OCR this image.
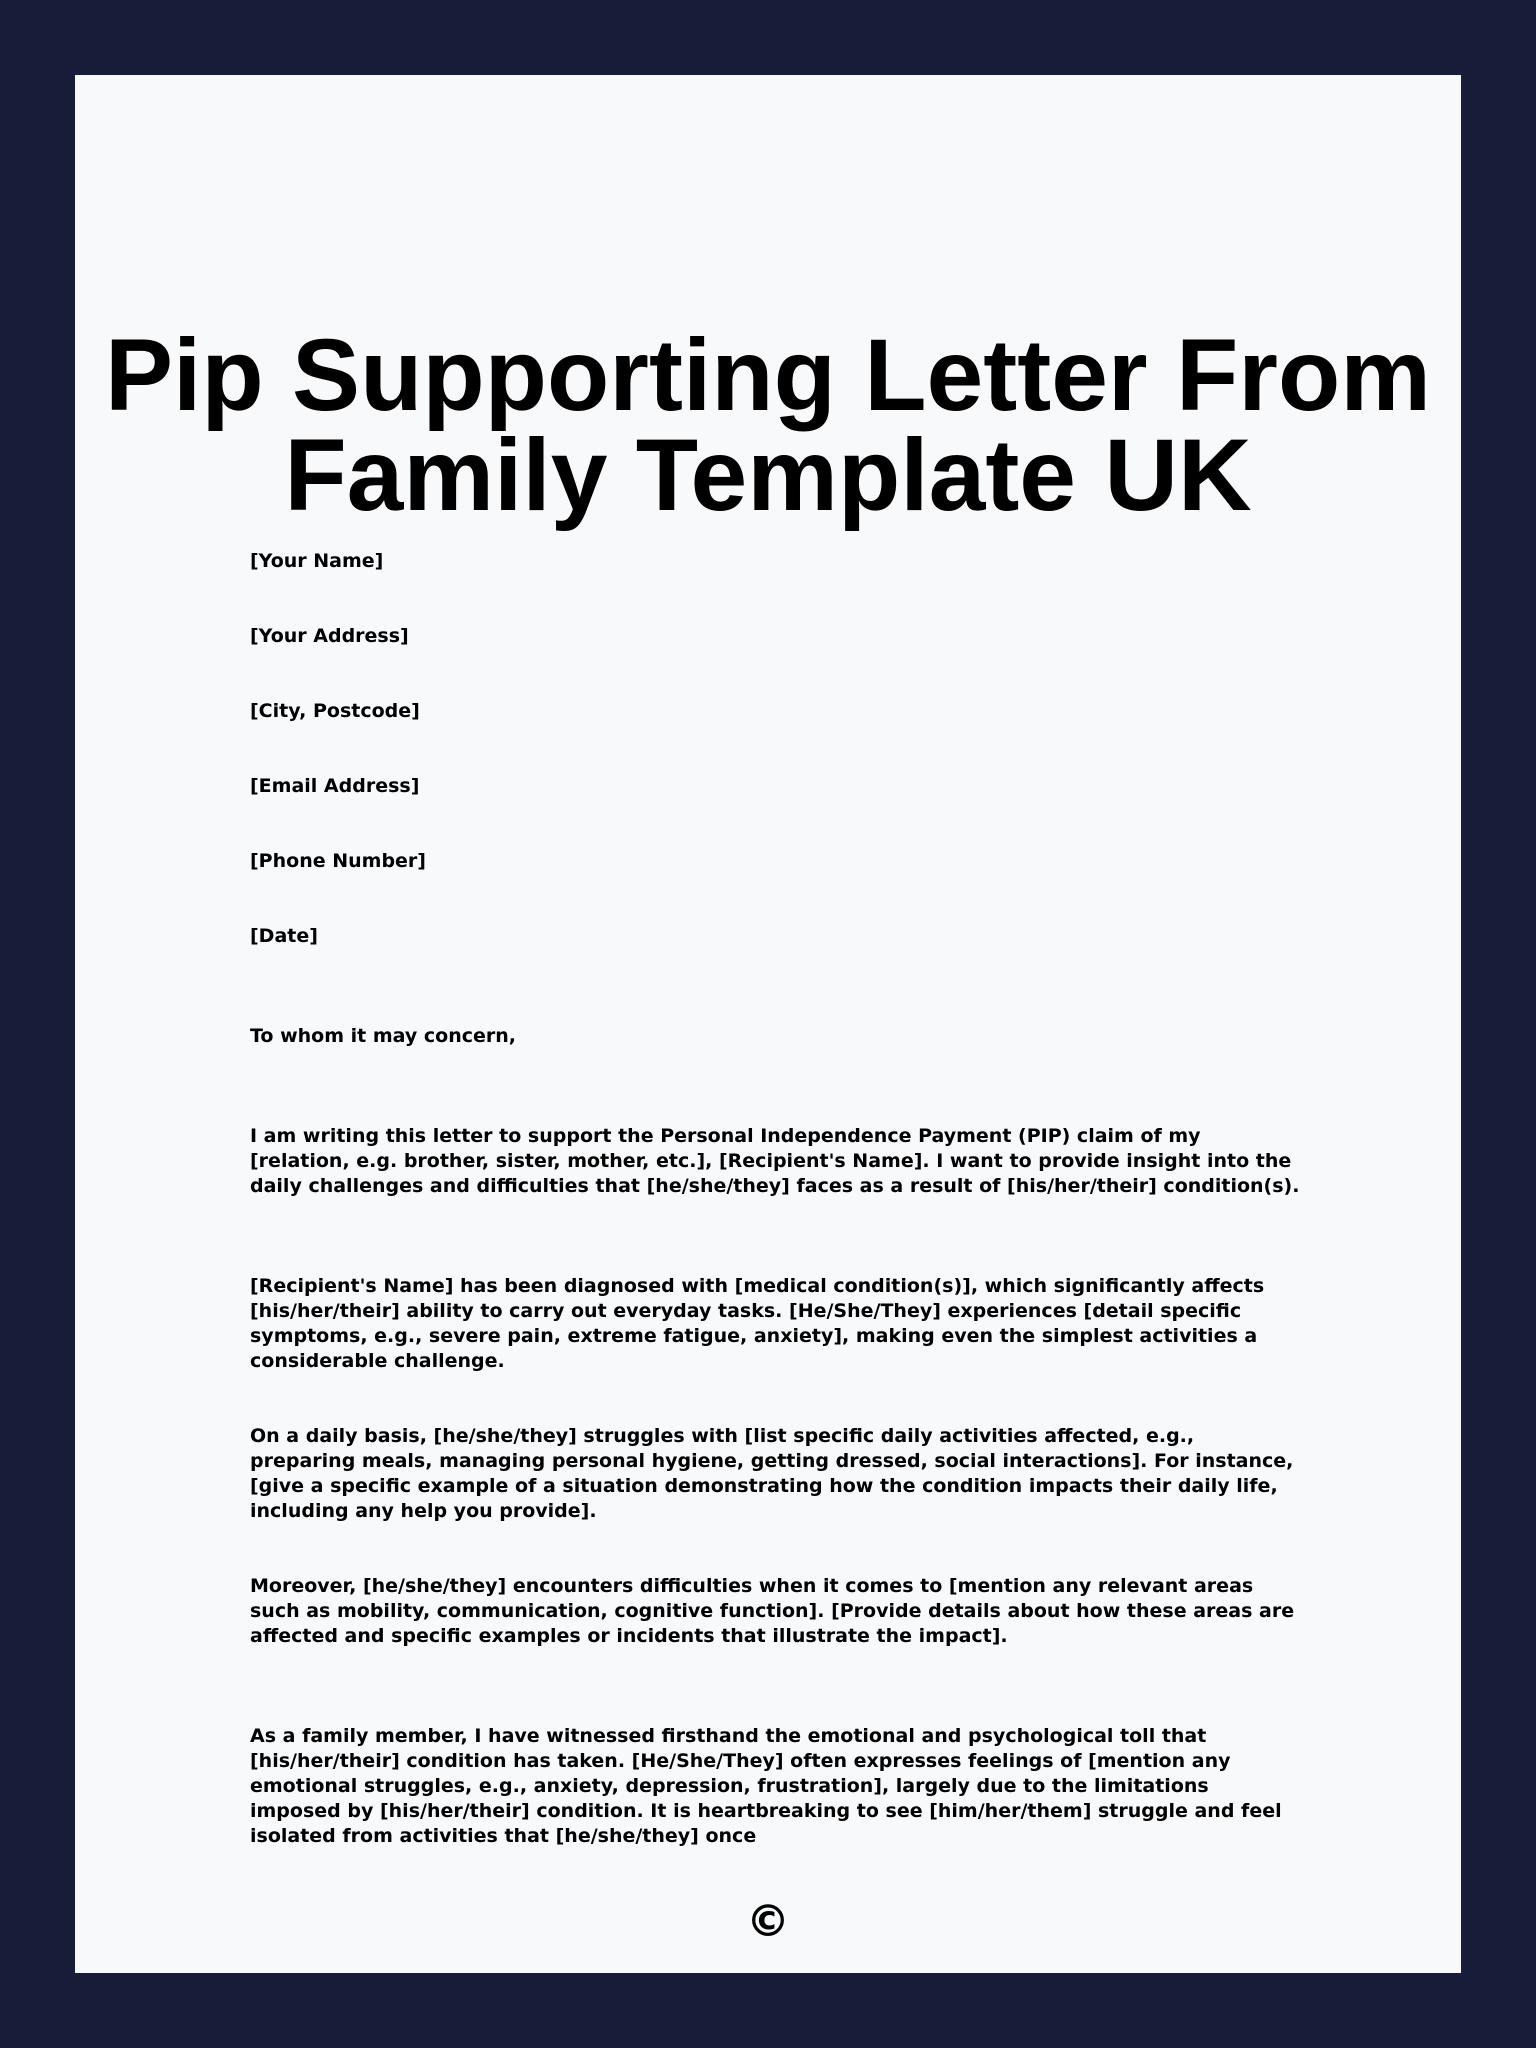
Pip Supporting Letter From
Family Template UK
[Your Name]
[Your Address]
[City, Postcode]
[Email Address]
[Phone Number]
[Date]
To whom it may concern,

I am writing this letter to support the Personal Independence Payment (PIP) claim of my [relation, e.g. brother, sister, mother, etc.], [Recipient's Name]. I want to provide insight into the daily challenges and difficulties that [he/she/they] faces as a result of [his/her/their] condition(s).

[Recipient's Name] has been diagnosed with [medical condition(s)], which significantly affects [his/her/their] ability to carry out everyday tasks. [He/She/They] experiences [detail specific symptoms, e.g., severe pain, extreme fatigue, anxiety], making even the simplest activities a considerable challenge.

On a daily basis, [he/she/they] struggles with [list specific daily activities affected, e.g., preparing meals, managing personal hygiene, getting dressed, social interactions]. For instance, [give a specific example of a situation demonstrating how the condition impacts their daily life, including any help you provide].

Moreover, [he/she/they] encounters difficulties when it comes to [mention any relevant areas such as mobility, communication, cognitive function]. [Provide details about how these areas are affected and specific examples or incidents that illustrate the impact].

As a family member, I have witnessed firsthand the emotional and psychological toll that [his/her/their] condition has taken. [He/She/They] often expresses feelings of [mention any emotional struggles, e.g., anxiety, depression, frustration], largely due to the limitations imposed by [his/her/their] condition. It is heartbreaking to see [him/her/them] struggle and feel isolated from activities that [he/she/they] once

©
